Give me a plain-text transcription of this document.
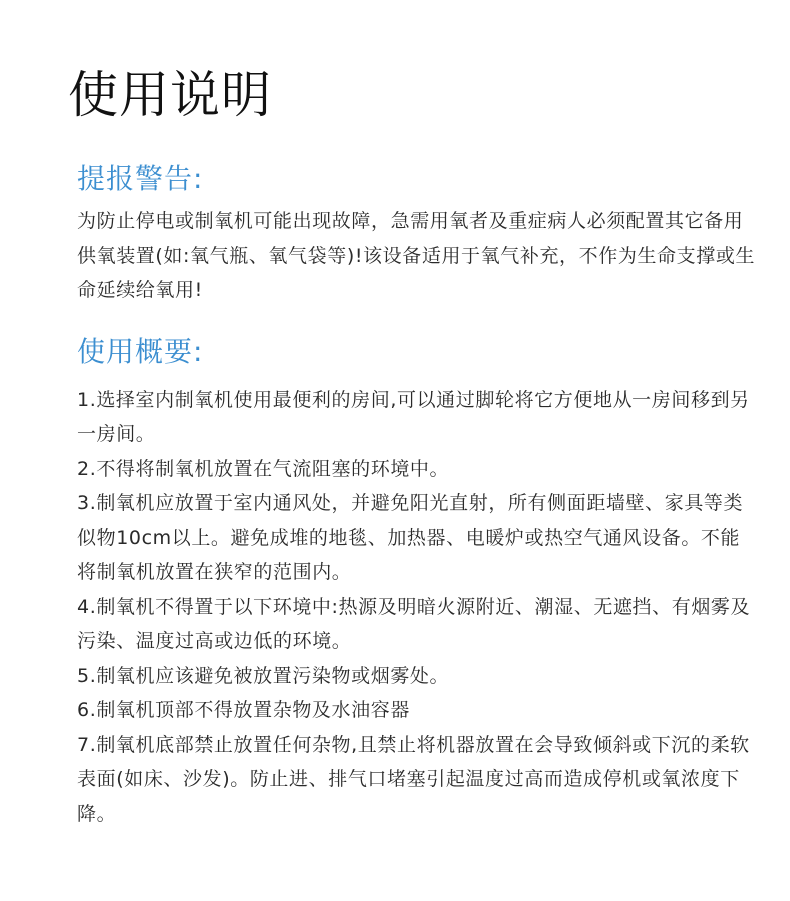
使用说明
提报警告:
为防止停电或制氧机可能出现故障，急需用氧者及重症病人必须配置其它备用供氧装置(如:氧气瓶、氧气袋等)!该设备适用于氧气补充，不作为生命支撑或生命延续给氧用!
使用概要:

1.选择室内制氧机使用最便利的房间,可以通过脚轮将它方便地从一房间移到另一房间。

2.不得将制氧机放置在气流阻塞的环境中。

3.制氧机应放置于室内通风处，并避免阳光直射，所有侧面距墙壁、家具等类似物10cm以上。避免成堆的地毯、加热器、电暖炉或热空气通风设备。不能将制氧机放置在狭窄的范围内。

4.制氧机不得置于以下环境中:热源及明暗火源附近、潮湿、无遮挡、有烟雾及污染、温度过高或边低的环境。

5.制氧机应该避免被放置污染物或烟雾处。

6.制氧机顶部不得放置杂物及水油容器

7.制氧机底部禁止放置任何杂物,且禁止将机器放置在会导致倾斜或下沉的柔软表面(如床、沙发)。防止进、排气口堵塞引起温度过高而造成停机或氧浓度下降。
